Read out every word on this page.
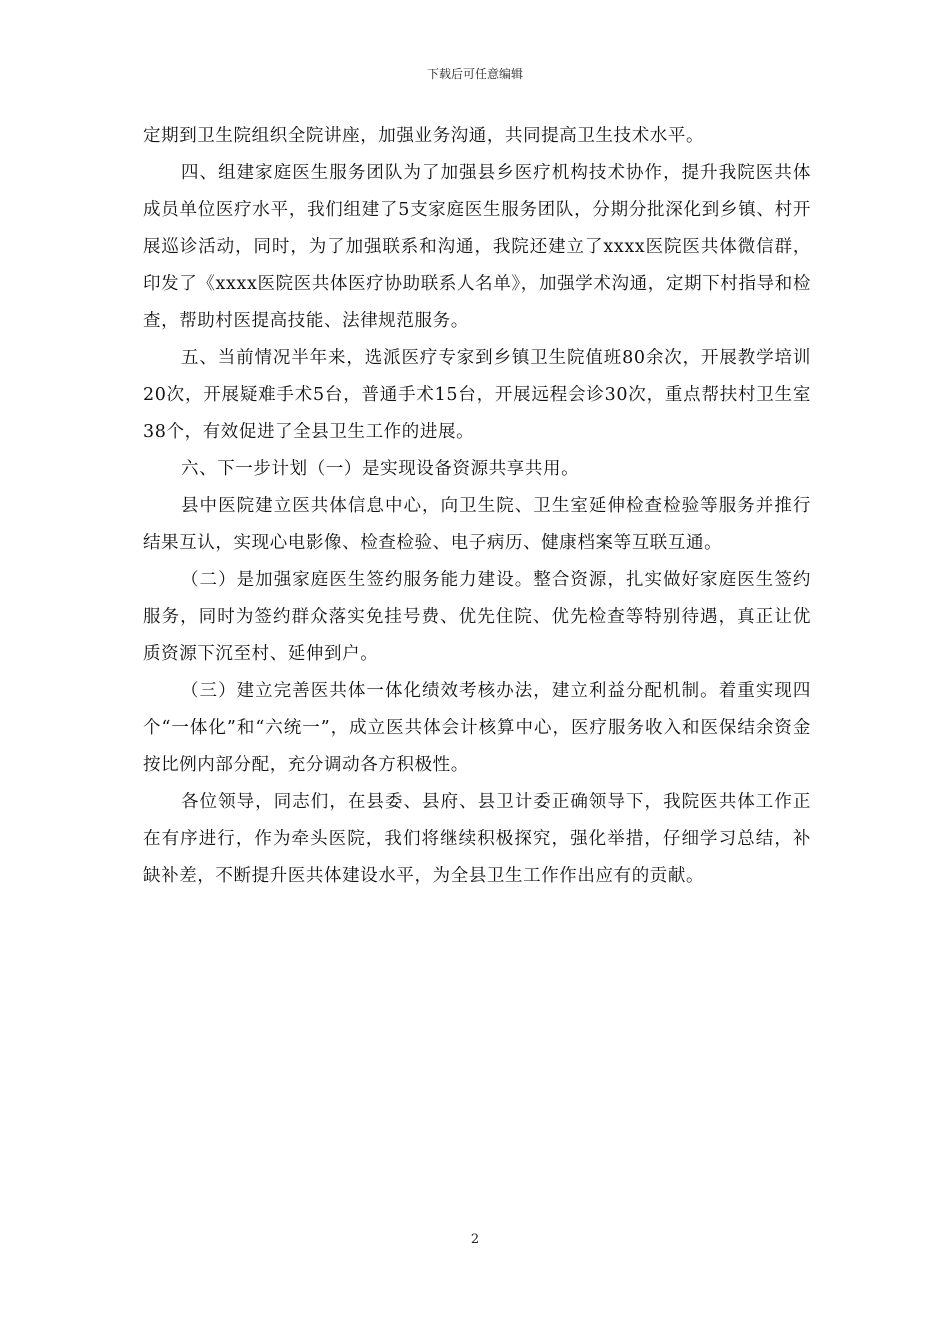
下载后可任意编辑

定期到卫生院组织全院讲座，加强业务沟通，共同提高卫生技术水平。

四、组建家庭医生服务团队为了加强县乡医疗机构技术协作，提升我院医共体成员单位医疗水平，我们组建了5支家庭医生服务团队，分期分批深化到乡镇、村开展巡诊活动，同时，为了加强联系和沟通，我院还建立了xxxx医院医共体微信群，印发了《xxxx医院医共体医疗协助联系人名单》，加强学术沟通，定期下村指导和检查，帮助村医提高技能、法律规范服务。

五、当前情况半年来，选派医疗专家到乡镇卫生院值班80余次，开展教学培训20次，开展疑难手术5台，普通手术15台，开展远程会诊30次，重点帮扶村卫生室38个，有效促进了全县卫生工作的进展。

六、下一步计划（一）是实现设备资源共享共用。

县中医院建立医共体信息中心，向卫生院、卫生室延伸检查检验等服务并推行结果互认，实现心电影像、检查检验、电子病历、健康档案等互联互通。

（二）是加强家庭医生签约服务能力建设。整合资源，扎实做好家庭医生签约服务，同时为签约群众落实免挂号费、优先住院、优先检查等特别待遇，真正让优质资源下沉至村、延伸到户。

（三）建立完善医共体一体化绩效考核办法，建立利益分配机制。着重实现四个“一体化”和“六统一”，成立医共体会计核算中心，医疗服务收入和医保结余资金按比例内部分配，充分调动各方积极性。

各位领导，同志们，在县委、县府、县卫计委正确领导下，我院医共体工作正在有序进行，作为牵头医院，我们将继续积极探究，强化举措，仔细学习总结，补缺补差，不断提升医共体建设水平，为全县卫生工作作出应有的贡献。

2
